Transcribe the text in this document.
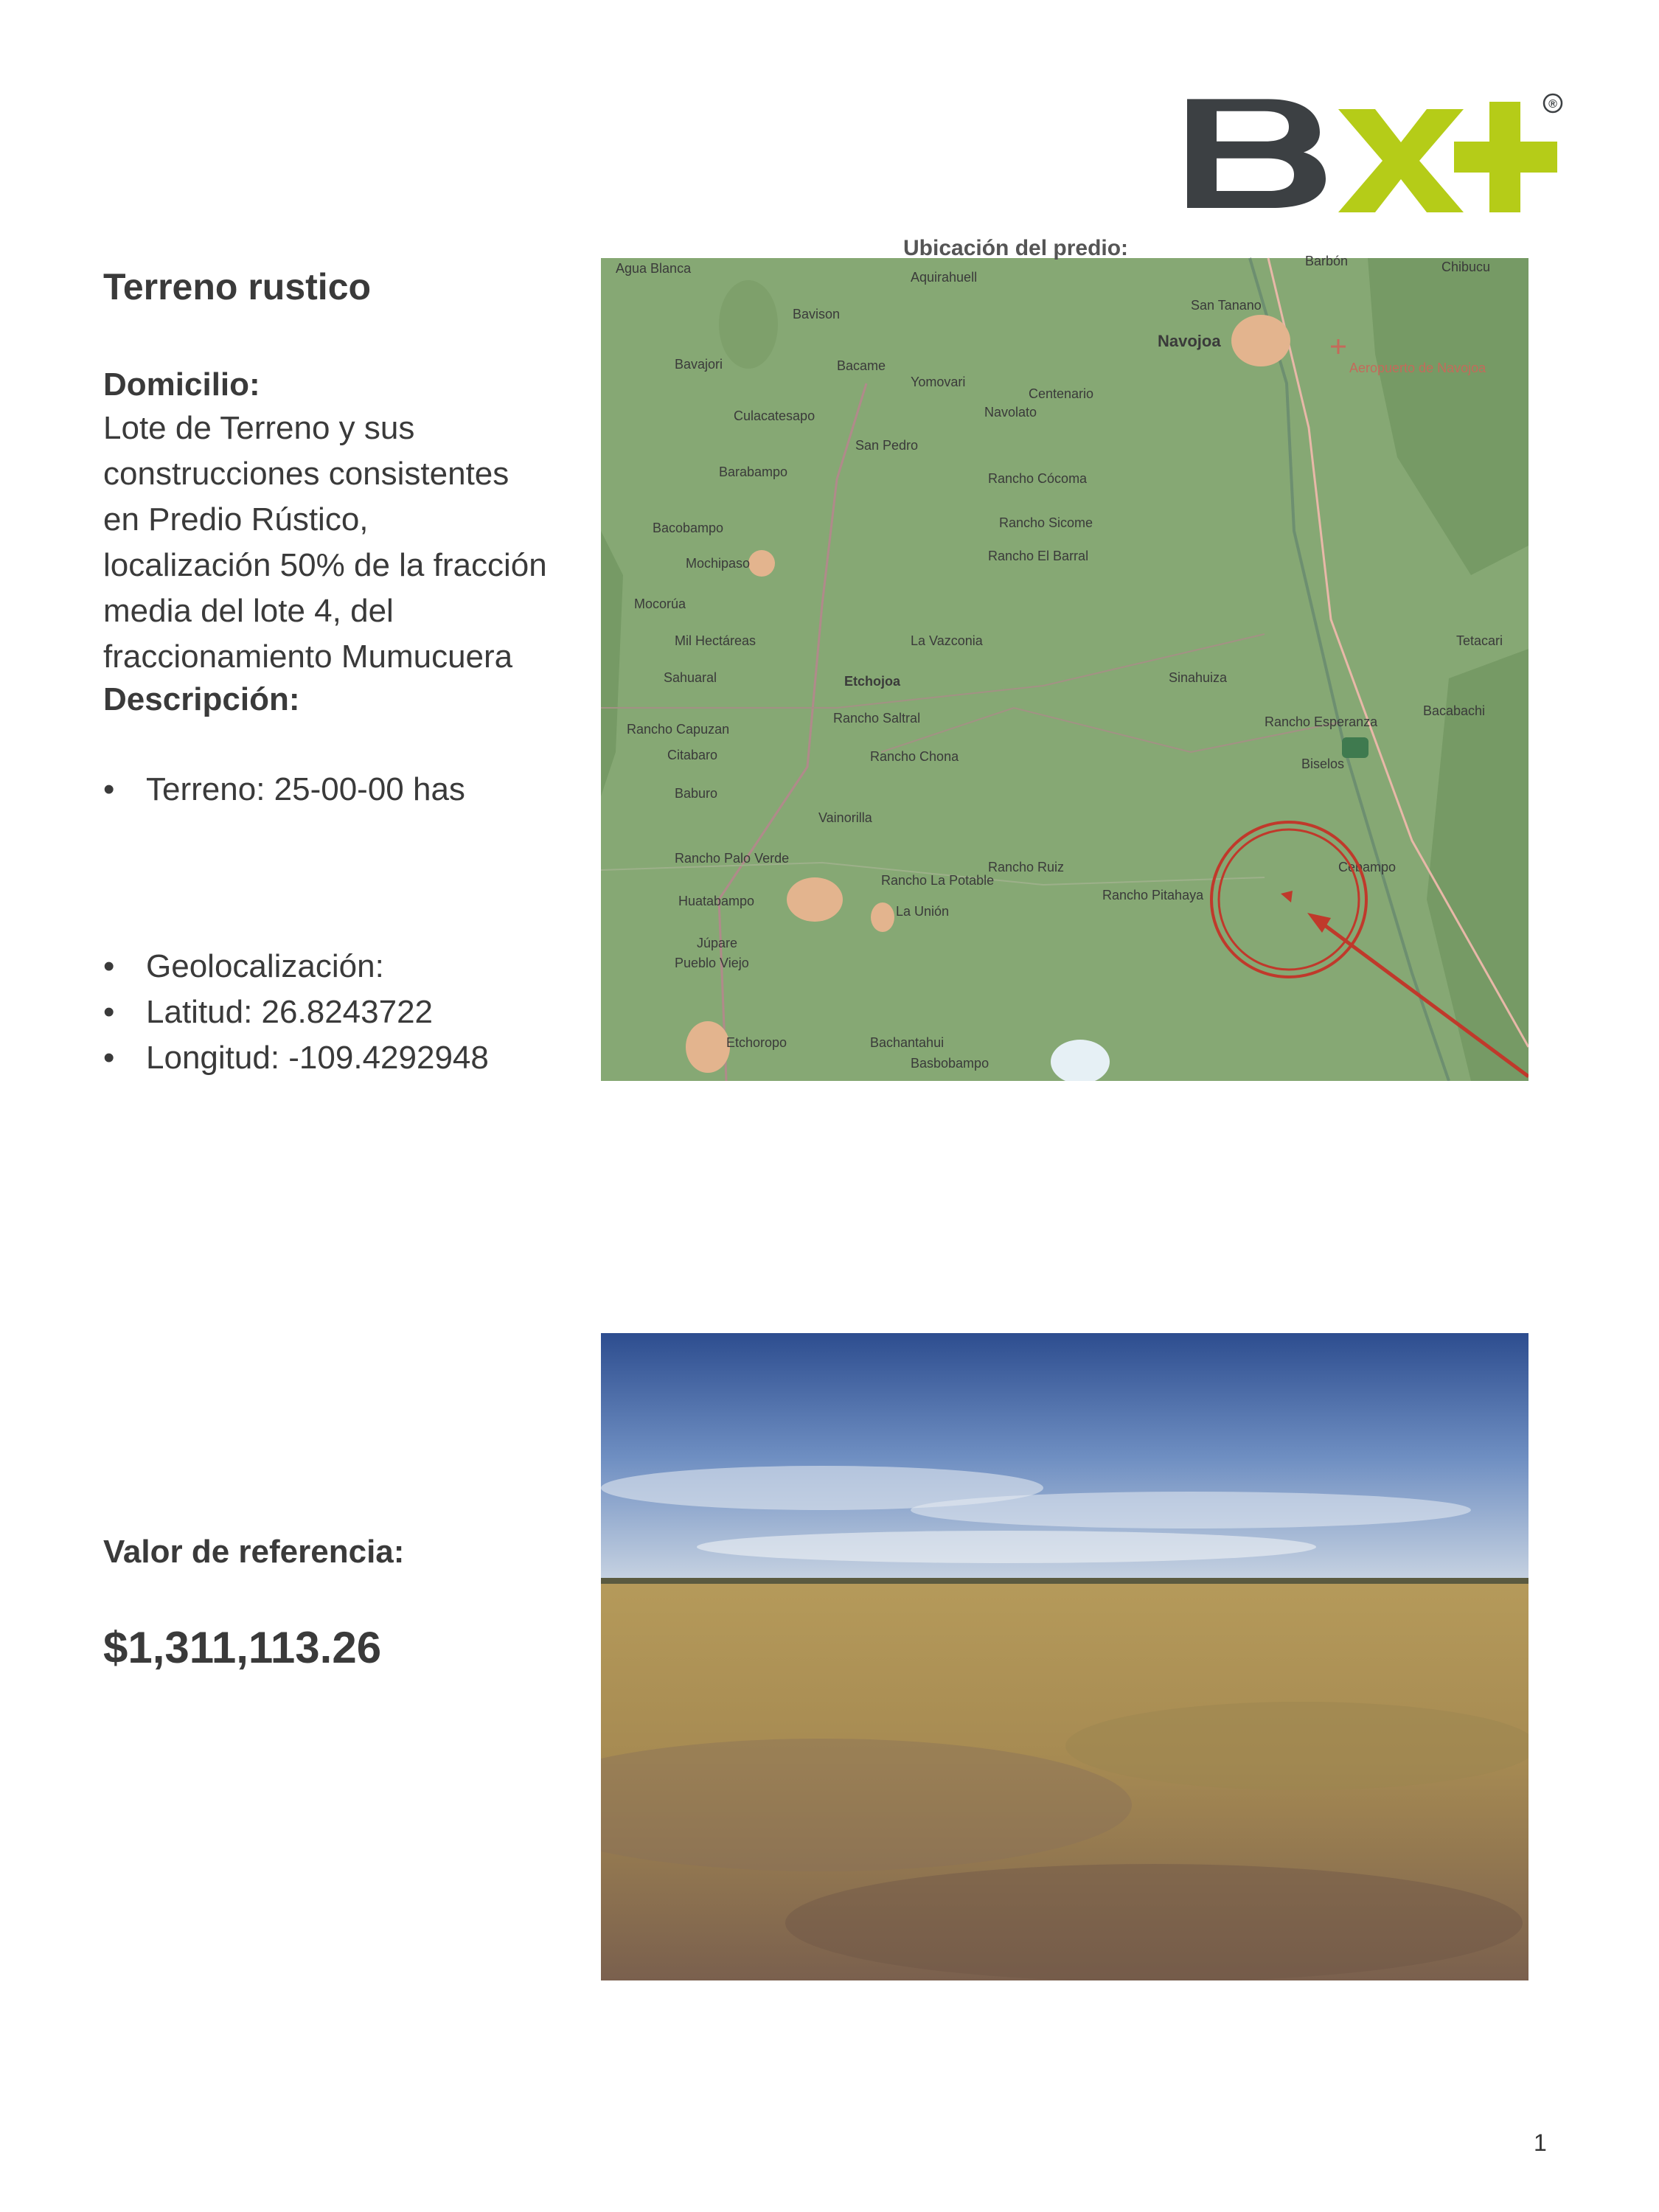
®
Terreno rustico
Domicilio:
Lote de Terreno y sus
construcciones consistentes
en Predio Rústico,
localización 50% de la fracción
media del lote 4, del
fraccionamiento Mumucuera
Descripción:
• Terreno: 25-00-00 has
• Geolocalización:
• Latitud: 26.8243722
• Longitud: -109.4292948
Valor de referencia:
$1,311,113.26
Ubicación del predio:
Agua Blanca
Aquirahuell
Bavison
Bavajori	Bacame
Yomovari
San Tanano
Navojoa
Aeropuerto de Navojoa
Culacatesapo
Centenario
Navolato
San Pedro
Barabampo	Rancho Cócoma
Bacobampo	Rancho Sicome
Rancho El Barral
Mochipaso
Mocorúa
Mil Hectáreas	La Vazconia
Sahuaral	Etchojoa	Sinahuiza
Tetacari
Rancho Capuzan
Rancho Saltral	Rancho Esperanza
Bacabachi
Citabaro	Rancho Chona
Baburo
Biselos
Vainorilla
Cebampo
Rancho Palo Verde
Huatabampo
Rancho Ruiz
Rancho La Potable
Rancho Pitahaya
La Unión
Júpare
Pueblo Viejo
Etchoropo	Bachantahui
Basbobampo
Chibucu
Barbón
1
